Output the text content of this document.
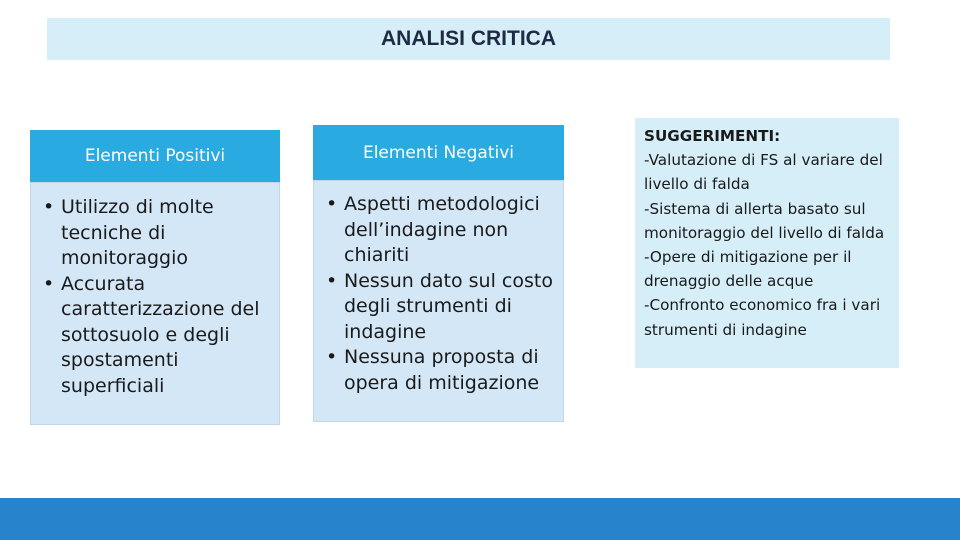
ANALISI CRITICA
Elementi Positivi
• Utilizzo di molte tecniche di monitoraggio
• Accurata caratterizzazione del sottosuolo e degli spostamenti superficiali
Elementi Negativi
• Aspetti metodologici dell’indagine non chiariti
• Nessun dato sul costo degli strumenti di indagine
• Nessuna proposta di opera di mitigazione
SUGGERIMENTI:
-Valutazione di FS al variare del livello di falda
-Sistema di allerta basato sul monitoraggio del livello di falda
-Opere di mitigazione per il drenaggio delle acque
-Confronto economico fra i vari strumenti di indagine
